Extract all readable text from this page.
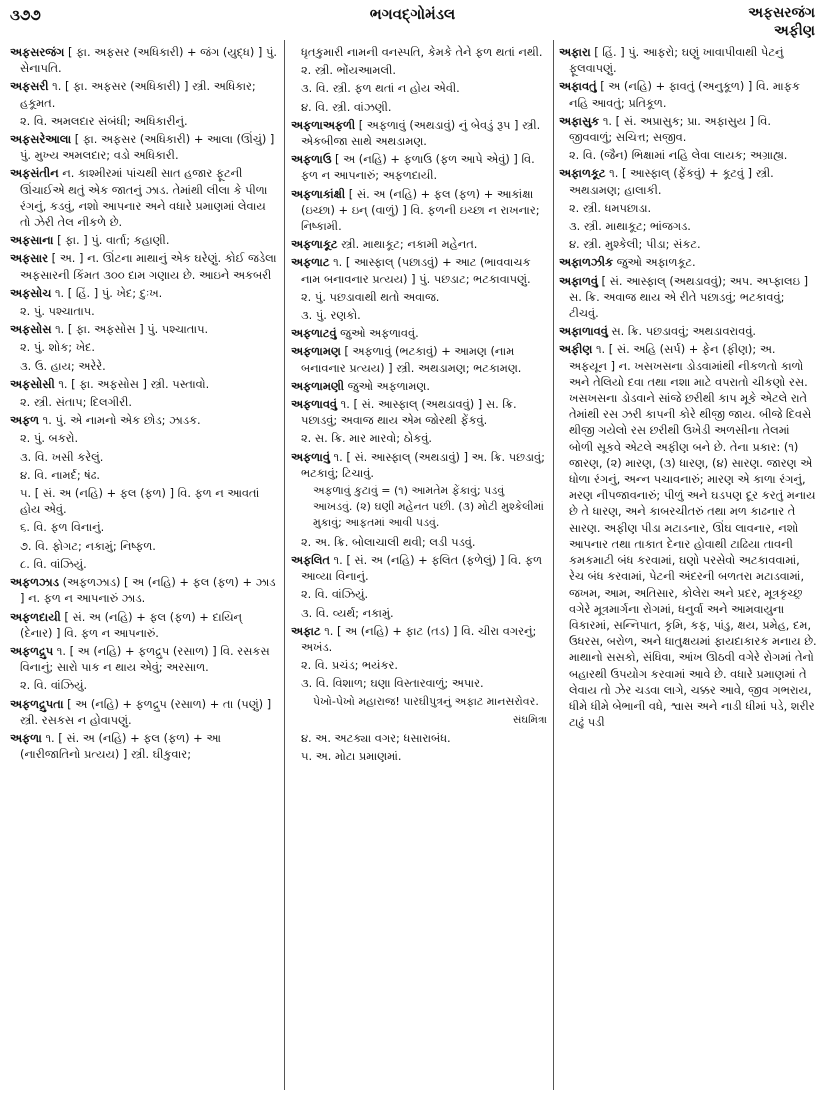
૩૭૭	ભગવદ્‌ગોમંડલ	અફસરજંગ
અફીણ
અફસરજંગ [ ફા. અફસર (અધિકારી) + જંગ (યુદ્ધ) ] પું. સેનાપતિ.
અફસરી ૧. [ ફા. અફસર (અધિકારી) ] સ્ત્રી. અધિકાર; હકૂમત.
૨. વિ. અમલદાર સંબંધી; અધિકારીનું.
અફસરેઆલા [ ફા. અફસર (અધિકારી) + આલા (ઊંચું) ] પું. મુખ્ય અમલદાર; વડો અધિકારી.
અફસંતીન ન. કાશ્મીરમાં પાંચથી સાત હજાર ફૂટની ઊંચાઈએ થતું એક જાતનું ઝાડ. તેમાંથી લીલા કે પીળા રંગનું, કડવું, નશો આપનાર અને વધારે પ્રમાણમાં લેવાય તો ઝેરી તેલ નીકળે છે.
અફસાના [ ફા. ] પું. વાર્તા; કહાણી.
અફસાર [ અ. ] ન. ઊંટના માથાનું એક ઘરેણું. કોઈ જડેલા અફસારની કિંમત ૩૦૦ દામ ગણાય છે. આઇને અકબરી
અફસોચ ૧. [ હિં. ] પું. ખેદ; દુઃખ.
૨. પું. પશ્ચાતાપ.
અફસોસ ૧. [ ફા. અફસોસ ] પું. પશ્ચાતાપ.
૨. પું. શોક; ખેદ.
૩. ઉ. હાય; અરેરે.
અફસોસી ૧. [ ફા. અફસોસ ] સ્ત્રી. પસ્તાવો.
૨. સ્ત્રી. સંતાપ; દિલગીરી.
અફળ ૧. પું. એ નામનો એક છોડ; ઝાડક.
૨. પું. બકરો.
૩. વિ. ખસી કરેલું.
૪. વિ. નામર્દ; ષંઢ.
૫. [ સં. અ (નહિ) + ફલ (ફળ) ] વિ. ફળ ન આવતાં હોય એવું.
૬. વિ. ફળ વિનાનું.
૭. વિ. ફોગટ; નકામું; નિષ્ફળ.
૮. વિ. વાંઝિયું.
અફળઝાડ (અફળઝાડ) [ અ (નહિ) + ફલ (ફળ) + ઝાડ ] ન. ફળ ન આપનારું ઝાડ.
અફળદાયી [ સં. અ (નહિ) + ફલ (ફળ) + દાયિન્‌ (દેનાર) ] વિ. ફળ ન આપનારું.
અફળદ્રુપ ૧. [ અ (નહિ) + ફળદ્રુપ (રસાળ) ] વિ. રસકસ વિનાનું; સારો પાક ન થાય એવું; અરસાળ.
૨. વિ. વાંઝિયું.
અફળદ્રુપતા [ અ (નહિ) + ફળદ્રુપ (રસાળ) + તા (પણું) ] સ્ત્રી. રસકસ ન હોવાપણું.
અફળા ૧. [ સં. અ (નહિ) + ફલ (ફળ) + આ (નારીજાતિનો પ્રત્યય) ] સ્ત્રી. ઘીકુવાર;
ધૃતકુમારી નામની વનસ્પતિ, કેમકે તેને ફળ થતાં નથી.
૨. સ્ત્રી. ભોંયઆમલી.
૩. વિ. સ્ત્રી. ફળ થતાં ન હોય એવી.
૪. વિ. સ્ત્રી. વાંઝણી.
અફળાઅફળી [ અફળાવું (અથડાવું) નું બેવડું રૂપ ] સ્ત્રી. એકબીજા સાથે અથડામણ.
અફળાઉ [ અ (નહિ) + ફળાઉ (ફળ આપે એવું) ] વિ. ફળ ન આપનારું; અફળદાયી.
અફળાકાંક્ષી [ સં. અ (નહિ) + ફલ (ફળ) + આકાંક્ષા (ઇચ્છા) + ઇન્‌ (વાળું) ] વિ. ફળની ઇચ્છા ન રાખનાર; નિષ્કામી.
અફળાકૂટ સ્ત્રી. માથાકૂટ; નકામી મહેનત.
અફળાટ ૧. [ આસ્ફાલ્‌ (પછાડવું) + આટ (ભાવવાચક નામ બનાવનાર પ્રત્યય) ] પું. પછડાટ; ભટકાવાપણું.
૨. પું. પછડાવાથી થતો અવાજ.
૩. પું. રણકો.
અફળાટવું જુઓ અફળાવવું.
અફળામણ [ અફળાવું (ભટકાવું) + આમણ (નામ બનાવનાર પ્રત્યય) ] સ્ત્રી. અથડામણ; ભટકામણ.
અફળામણી જુઓ અફળામણ.
અફળાવવું ૧. [ સં. આસ્ફાલ્‌ (અથડાવવું) ] સ. ક્રિ. પછાડવું; અવાજ થાય એમ જોરથી ફેંકવું.
૨. સ. ક્રિ. માર મારવો; ઠોકવું.
અફળાવું ૧. [ સં. આસ્ફાલ્‌ (અથડાવું) ] અ. ક્રિ. પછડાવું; ભટકાવું; ટિચાવું.
અફળાવું કુટાવું = (૧) આમતેમ ફેંકાવું; પડવું આખડવું. (૨) ઘણી મહેનત પછી. (૩) મોટી મુશ્કેલીમાં મુકાવું; આફતમાં આવી પડવું.
૨. અ. ક્રિ. બોલાચાલી થવી; લડી પડવું.
અફલિત ૧. [ સં. અ (નહિ) + ફલિત (ફળેલું) ] વિ. ફળ આવ્યા વિનાનું.
૨. વિ. વાંઝિયું.
૩. વિ. વ્યર્થ; નકામું.
અફાટ ૧. [ અ (નહિ) + ફાટ (તડ) ] વિ. ચીરા વગરનું; અખંડ.
૨. વિ. પ્રચંડ; ભયંકર.
૩. વિ. વિશાળ; ઘણા વિસ્તારવાળું; અપાર.
પેખો-પેખો મહારાજ! પારઘીપુત્રનું અફાટ માનસરોવર.
સંઘમિત્રા
૪. અ. અટક્યા વગર; ધસારાબંધ.
૫. અ. મોટા પ્રમાણમાં.
અફારા [ હિં. ] પું. આફરો; ઘણું ખાવાપીવાથી પેટનું ફૂલવાપણું.
અફાવતું [ અ (નહિ) + ફાવતું (અનુકૂળ) ] વિ. માફક નહિ આવતું; પ્રતિકૂળ.
અફાસુક ૧. [ સં. અપ્રાસુક; પ્રા. અફાસુય ] વિ. જીવવાળું; સચિત્ત; સજીવ.
૨. વિ. (જૈન) ભિક્ષામાં નહિ લેવા લાયક; અગ્રાહ્ય.
અફાળકૂટ ૧. [ આસ્ફાલ્‌ (ફેંકવું) + કૂટવું ] સ્ત્રી. અથડામણ; હાલાકી.
૨. સ્ત્રી. ધમપછાડા.
૩. સ્ત્રી. માથાકૂટ; ભાંજગડ.
૪. સ્ત્રી. મુશ્કેલી; પીડા; સંકટ.
અફાળઝીક જુઓ અફાળકૂટ.
અફાળવું [ સં. આસ્ફાલ્‌ (અથડાવવું); અપ. અપ્ફાલઇ ] સ. ક્રિ. અવાજ થાય એ રીતે પછાડવું; ભટકાવવું; ટીચવું.
અફાળાવવું સ. ક્રિ. પછડાવવું; અથડાવરાવવું.
અફીણ ૧. [ સં. અહિ (સર્પ) + ફેન (ફીણ); અ. અફયૂન ] ન. ખસખસના ડોડવામાંથી નીકળતો કાળો અને તેલિયો દવા તથા નશા માટે વપરાતો ચીકણો રસ. ખસખસના ડોડવાને સાંજે છરીથી કાપ મૂકે એટલે રાતે તેમાંથી રસ ઝરી કાપની કોરે થીજી જાય. બીજે દિવસે થીજી ગયેલો રસ છરીથી ઉખેડી અળસીના તેલમાં બોળી સૂકવે એટલે અફીણ બને છે. તેના પ્રકાર: (૧) જારણ, (૨) મારણ, (૩) ધારણ, (૪) સારણ. જારણ એ ધોળા રંગનું, અન્ન પચાવનારું; મારણ એ કાળા રંગનું, મરણ નીપજાવનારું; પીળું અને ઘડપણ દૂર કરતું મનાય છે તે ધારણ, અને કાબરચીતરું તથા મળ કાઢનાર તે સારણ. અફીણ પીડા મટાડનાર, ઊંઘ લાવનાર, નશો આપનાર તથા તાકાત દેનાર હોવાથી ટાઢિયા તાવની કમકમાટી બંધ કરવામાં, ઘણો પરસેવો અટકાવવામાં, રેચ બંધ કરવામાં, પેટની અંદરની બળતરા મટાડવામાં, જખમ, આમ, અતિસાર, કોલેરા અને પ્રદર, મૂત્રકૃચ્છ્ર વગેરે મૂત્રમાર્ગના રોગમાં, ધનુર્વા અને આમવાયુના વિકારમાં, સન્નિપાત, કૃમિ, કફ, પાંડુ, ક્ષય, પ્રમેહ, દમ, ઉધરસ, બરોળ, અને ધાતુક્ષયમાં ફાયદાકારક મનાય છે. માથાનો સસકો, સંધિવા, આંખ ઊઠવી વગેરે રોગમાં તેનો બહારથી ઉપયોગ કરવામાં આવે છે. વધારે પ્રમાણમાં તે લેવાય તો ઝેર ચડવા લાગે, ચક્કર આવે, જીવ ગભરાય, ધીમે ધીમે બેભાની વધે, શ્વાસ અને નાડી ધીમાં પડે, શરીર ટાઢું પડી
